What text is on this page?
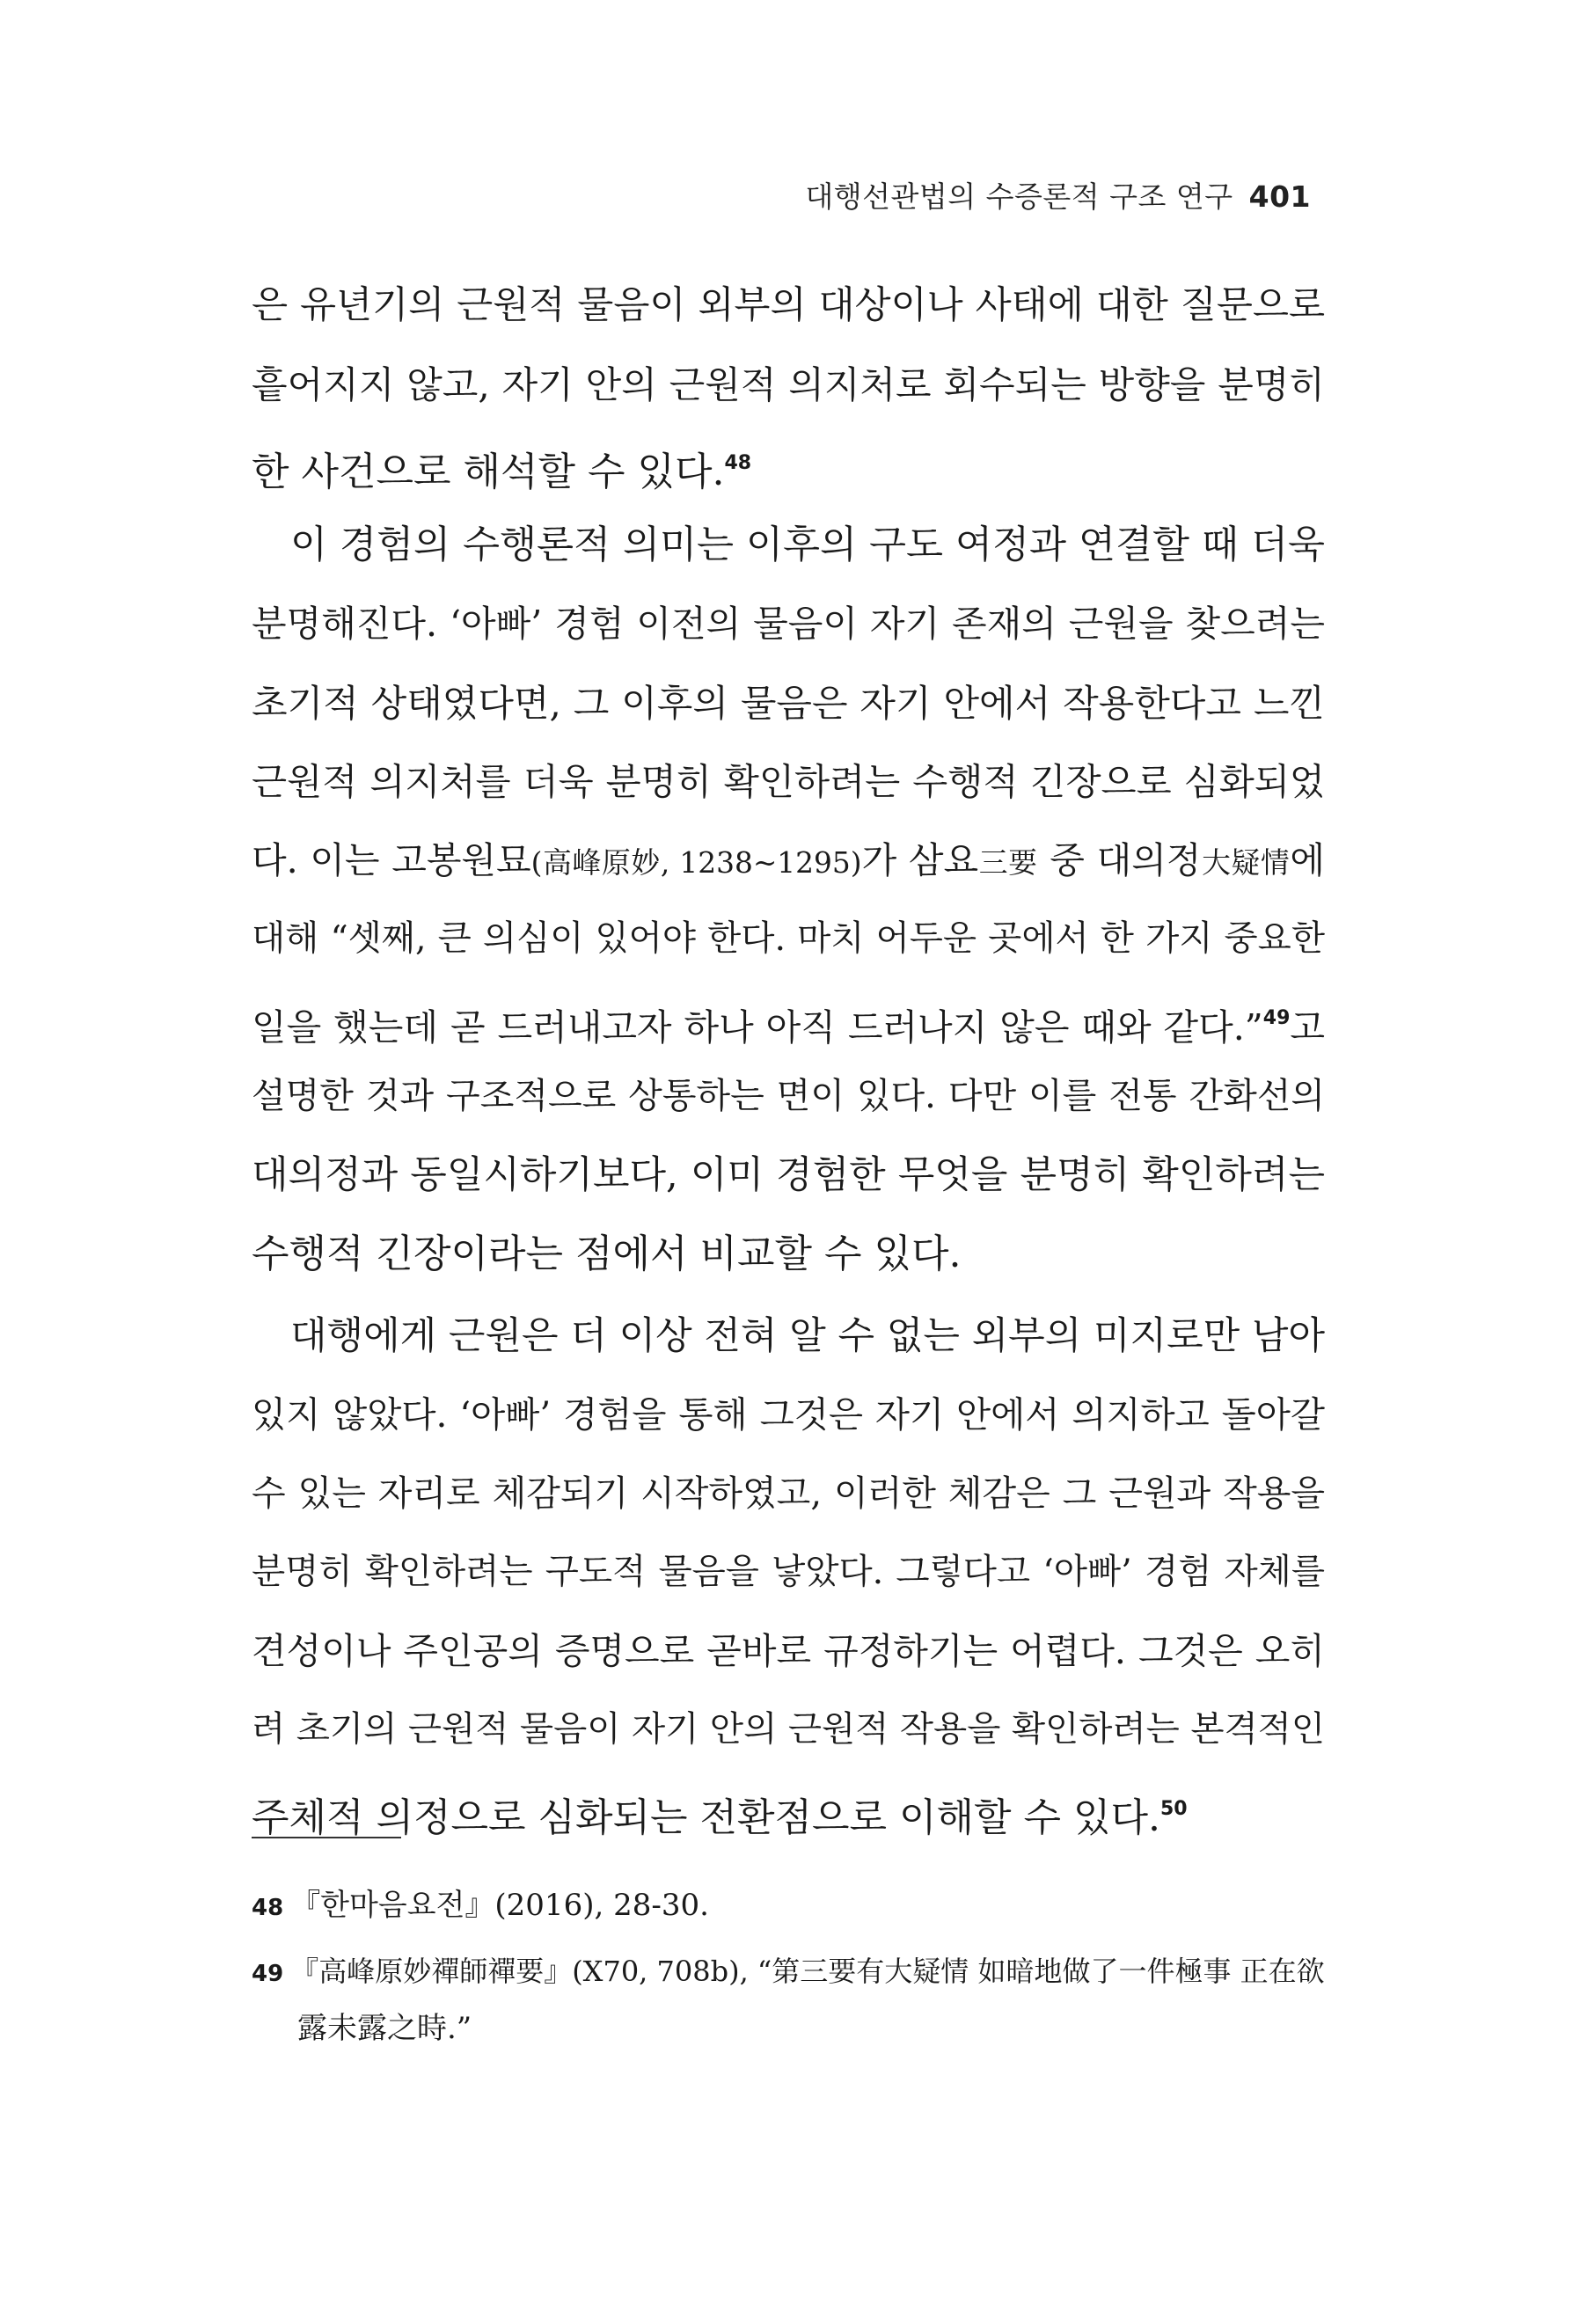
대행선관법의 수증론적 구조 연구 401
은 유년기의 근원적 물음이 외부의 대상이나 사태에 대한 질문으로
흩어지지 않고, 자기 안의 근원적 의지처로 회수되는 방향을 분명히
한 사건으로 해석할 수 있다.$^{48}$
이 경험의 수행론적 의미는 이후의 구도 여정과 연결할 때 더욱
분명해진다. ‘아빠’ 경험 이전의 물음이 자기 존재의 근원을 찾으려는
초기적 상태였다면, 그 이후의 물음은 자기 안에서 작용한다고 느낀
근원적 의지처를 더욱 분명히 확인하려는 수행적 긴장으로 심화되었
다. 이는 고봉원묘(高峰原妙, 1238~1295)가 삼요三要 중 대의정大疑情에
대해 “셋째, 큰 의심이 있어야 한다. 마치 어두운 곳에서 한 가지 중요한
일을 했는데 곧 드러내고자 하나 아직 드러나지 않은 때와 같다.”$^{49}$고
설명한 것과 구조적으로 상통하는 면이 있다. 다만 이를 전통 간화선의
대의정과 동일시하기보다, 이미 경험한 무엇을 분명히 확인하려는
수행적 긴장이라는 점에서 비교할 수 있다.
대행에게 근원은 더 이상 전혀 알 수 없는 외부의 미지로만 남아
있지 않았다. ‘아빠’ 경험을 통해 그것은 자기 안에서 의지하고 돌아갈
수 있는 자리로 체감되기 시작하였고, 이러한 체감은 그 근원과 작용을
분명히 확인하려는 구도적 물음을 낳았다. 그렇다고 ‘아빠’ 경험 자체를
견성이나 주인공의 증명으로 곧바로 규정하기는 어렵다. 그것은 오히
려 초기의 근원적 물음이 자기 안의 근원적 작용을 확인하려는 본격적인
주체적 의정으로 심화되는 전환점으로 이해할 수 있다.$^{50}$
48 『한마음요전』(2016), 28-30.
49 『高峰原妙禪師禪要』(X70, 708b), “第三要有大疑情 如暗地做了一件極事 正在欲
露未露之時.”
